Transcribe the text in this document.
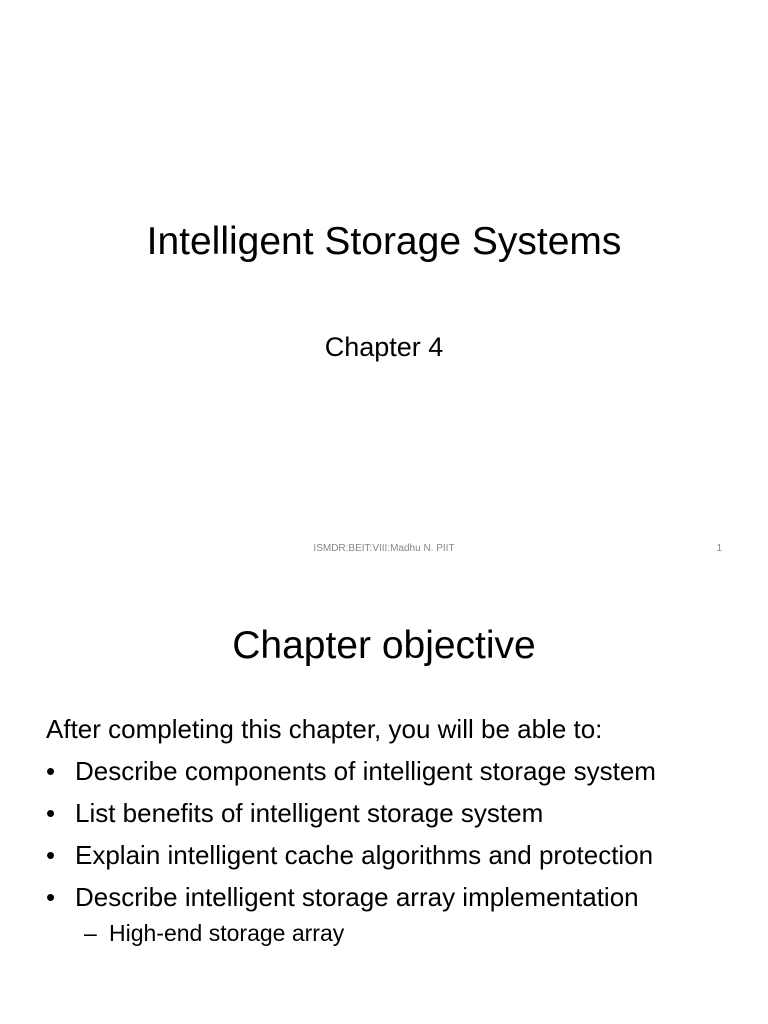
Intelligent Storage Systems
Chapter 4
ISMDR:BEIT:VIII:Madhu N. PIIT	1
Chapter objective
After completing this chapter, you will be able to:
• Describe components of intelligent storage system
• List benefits of intelligent storage system
• Explain intelligent cache algorithms and protection
• Describe intelligent storage array implementation
– High-end storage array
